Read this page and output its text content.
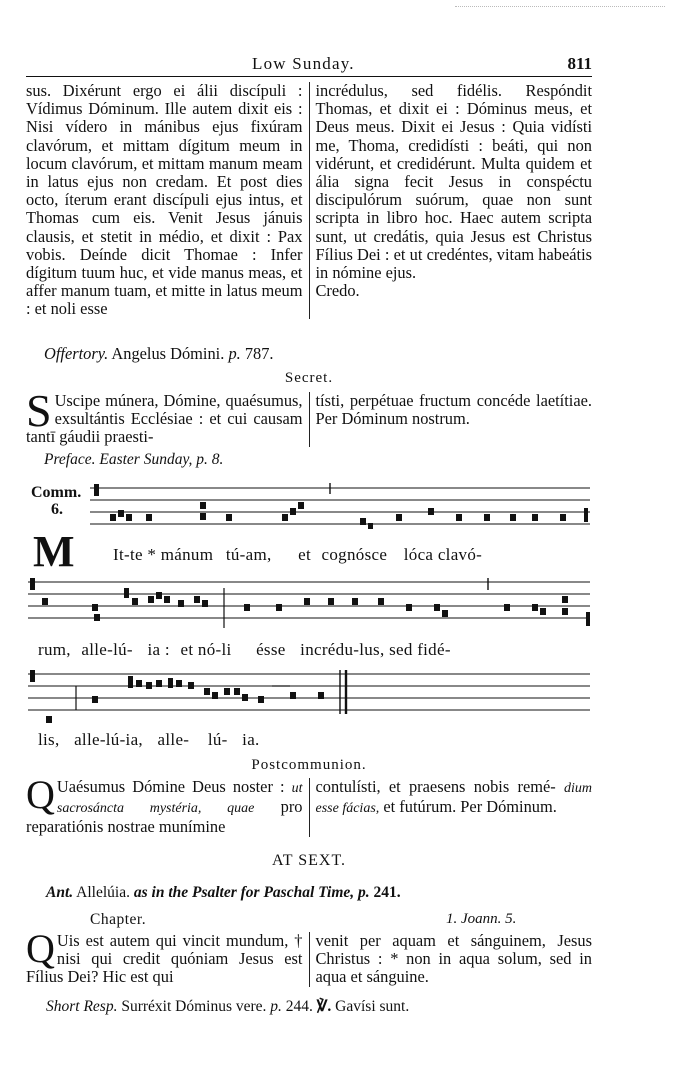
Low Sunday.	811

sus. Dixérunt ergo ei álii discípuli : Vídimus Dóminum. Ille autem dixit eis : Nisi vídero in mánibus ejus fixúram clavórum, et mittam dígitum meum in locum clavórum, et mittam manum meam in latus ejus non credam. Et post dies octo, íterum erant discípuli ejus intus, et Thomas cum eis. Venit Jesus jánuis clausis, et stetit in médio, et dixit : Pax vobis. Deínde dicit Thomae : Infer dígitum tuum huc, et vide manus meas, et affer manum tuam, et mitte in latus meum : et noli esse

incrédulus, sed fidélis. Respóndit Thomas, et dixit ei : Dóminus meus, et Deus meus. Dixit ei Jesus : Quia vidísti me, Thoma, credidísti : beáti, qui non vidérunt, et credidérunt. Multa quidem et ália signa fecit Jesus in conspéctu discipulórum suórum, quae non sunt scripta in libro hoc. Haec autem scripta sunt, ut credátis, quia Jesus est Christus Fílius Dei : et ut credéntes, vitam habeátis in nómine ejus.

Credo.

Offertory. Angelus Dómini. p. 787.
Secret.

S Uscipe múnera, Dómine, quaésumus, exsultántis Ecclésiae : et cui causam tantī gáudii praesti-

tísti, perpétuae fructum concéde laetítiae. Per Dóminum nostrum.

Preface. Easter Sunday, p. 8.
Comm.
6.
M It-te * mánum tú-am, et cognósce lóca clavó-
rum, alle-lú- ia : et nó-li ésse incrédu-lus, sed fidé-
lis, alle-lú-ia, alle- lú- ia.
Postcommunion.

Q Uaésumus Dómine Deus noster : ut sacrosáncta mystéria, quae pro reparatiónis nostrae munímine

contulísti, et praesens nobis remé- dium esse fácias, et futúrum. Per Dóminum.

AT SEXT.
Ant. Allelúia. as in the Psalter for Paschal Time, p. 241.
Chapter.	1. Joann. 5.

Q Uis est autem qui vincit mundum, † nisi qui credit quóniam Jesus est Fílius Dei? Hic est qui

venit per aquam et sánguinem, Jesus Christus : * non in aqua solum, sed in aqua et sánguine.

Short Resp. Surréxit Dóminus vere. p. 244. ℣. Gavísi sunt.
